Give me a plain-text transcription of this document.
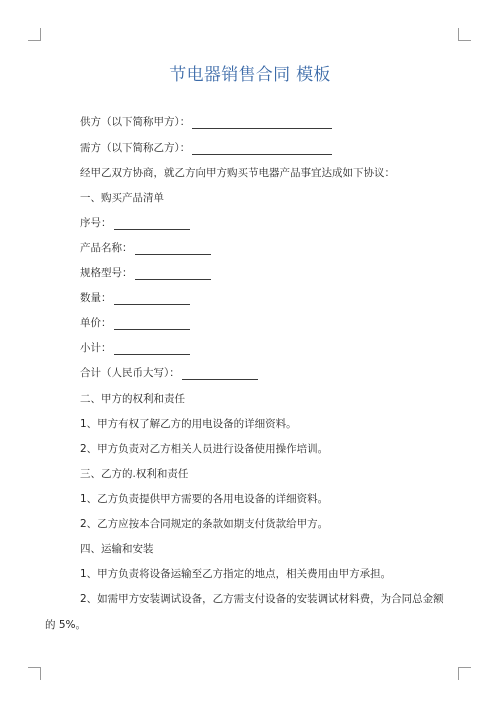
节电器销售合同 模板
供方（以下简称甲方）：
需方（以下简称乙方）：
经甲乙双方协商，就乙方向甲方购买节电器产品事宜达成如下协议：
一、购买产品清单
序号：
产品名称：
规格型号：
数量：
单价：
小计：
合计（人民币大写）：
二、甲方的权利和责任
1、甲方有权了解乙方的用电设备的详细资料。
2、甲方负责对乙方相关人员进行设备使用操作培训。
三、乙方的.权利和责任
1、乙方负责提供甲方需要的各用电设备的详细资料。
2、乙方应按本合同规定的条款如期支付货款给甲方。
四、运输和安装
1、甲方负责将设备运输至乙方指定的地点，相关费用由甲方承担。
2、如需甲方安装调试设备，乙方需支付设备的安装调试材料费，为合同总金额
的 5%。
